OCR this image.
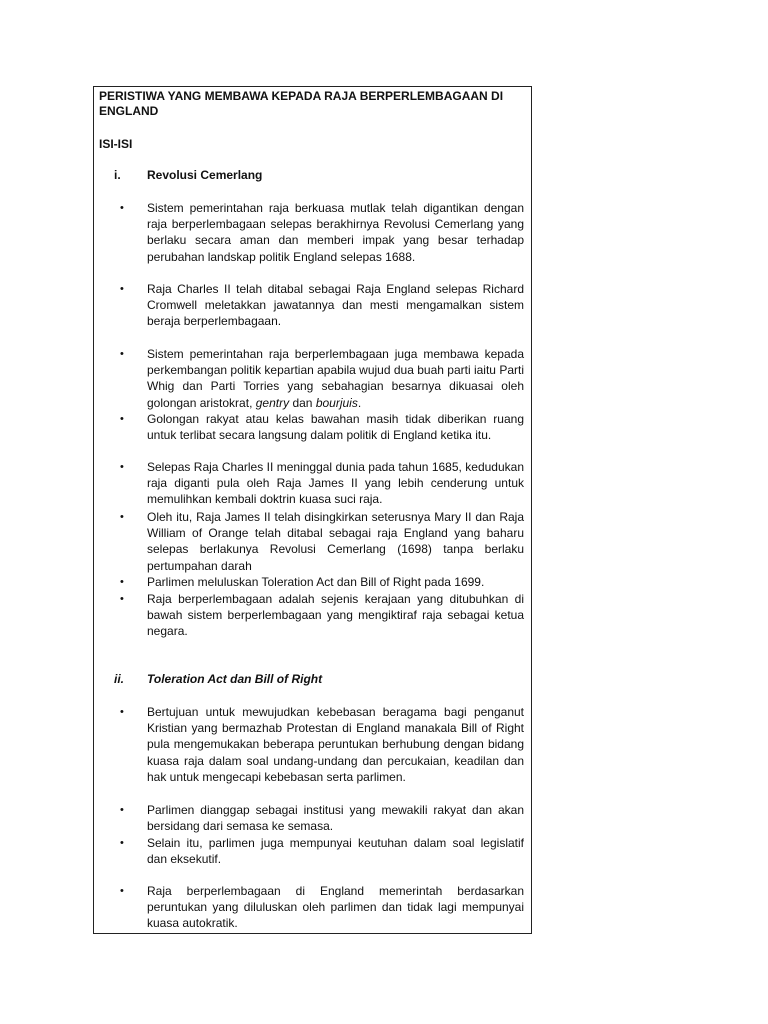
PERISTIWA YANG MEMBAWA KEPADA RAJA BERPERLEMBAGAAN DI ENGLAND
ISI-ISI
i. Revolusi Cemerlang
•	Sistem pemerintahan raja berkuasa mutlak telah digantikan dengan raja berperlembagaan selepas berakhirnya Revolusi Cemerlang yang berlaku secara aman dan memberi impak yang besar terhadap perubahan landskap politik England selepas 1688.
•	Raja Charles II telah ditabal sebagai Raja England selepas Richard Cromwell meletakkan jawatannya dan mesti mengamalkan sistem beraja berperlembagaan.
•	Sistem pemerintahan raja berperlembagaan juga membawa kepada perkembangan politik kepartian apabila wujud dua buah parti iaitu Parti Whig dan Parti Torries yang sebahagian besarnya dikuasai oleh golongan aristokrat, gentry dan bourjuis.
•	Golongan rakyat atau kelas bawahan masih tidak diberikan ruang untuk terlibat secara langsung dalam politik di England ketika itu.
•	Selepas Raja Charles II meninggal dunia pada tahun 1685, kedudukan raja diganti pula oleh Raja James II yang lebih cenderung untuk memulihkan kembali doktrin kuasa suci raja.
•	Oleh itu, Raja James II telah disingkirkan seterusnya Mary II dan Raja William of Orange telah ditabal sebagai raja England yang baharu selepas berlakunya Revolusi Cemerlang (1698) tanpa berlaku pertumpahan darah
•	Parlimen meluluskan Toleration Act dan Bill of Right pada 1699.
•	Raja berperlembagaan adalah sejenis kerajaan yang ditubuhkan di bawah sistem berperlembagaan yang mengiktiraf raja sebagai ketua negara.
ii. Toleration Act dan Bill of Right
•	Bertujuan untuk mewujudkan kebebasan beragama bagi penganut Kristian yang bermazhab Protestan di England manakala Bill of Right pula mengemukakan beberapa peruntukan berhubung dengan bidang kuasa raja dalam soal undang-undang dan percukaian, keadilan dan hak untuk mengecapi kebebasan serta parlimen.
•	Parlimen dianggap sebagai institusi yang mewakili rakyat dan akan bersidang dari semasa ke semasa.
•	Selain itu, parlimen juga mempunyai keutuhan dalam soal legislatif dan eksekutif.
•	Raja berperlembagaan di England memerintah berdasarkan peruntukan yang diluluskan oleh parlimen dan tidak lagi mempunyai kuasa autokratik.
